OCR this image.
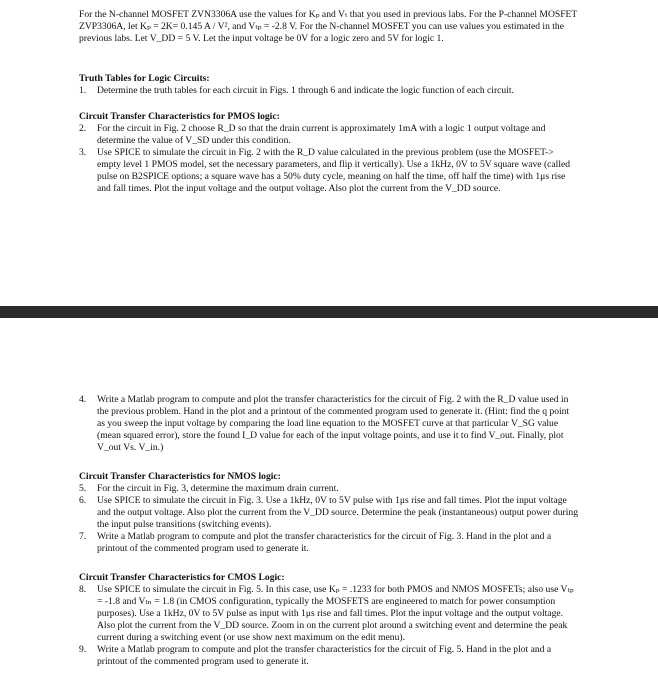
For the N-channel MOSFET ZVN3306A use the values for Kₚ and Vₜ that you used in previous labs. For the P-channel MOSFET ZVP3306A, let Kₚ = 2K= 0.145 A / V², and Vₜₚ = -2.8 V. For the N-channel MOSFET you can use values you estimated in the previous labs. Let V_DD = 5 V. Let the input voltage be 0V for a logic zero and 5V for logic 1.

Truth Tables for Logic Circuits:

1.	Determine the truth tables for each circuit in Figs. 1 through 6 and indicate the logic function of each circuit.

Circuit Transfer Characteristics for PMOS logic:

2.	For the circuit in Fig. 2 choose R_D so that the drain current is approximately 1mA with a logic 1 output voltage and determine the value of V_SD under this condition.
3.	Use SPICE to simulate the circuit in Fig. 2 with the R_D value calculated in the previous problem (use the MOSFET-> empty level 1 PMOS model, set the necessary parameters, and flip it vertically). Use a 1kHz, 0V to 5V square wave (called pulse on B2SPICE options; a square wave has a 50% duty cycle, meaning on half the time, off half the time) with 1μs rise and fall times. Plot the input voltage and the output voltage. Also plot the current from the V_DD source.
4.	Write a Matlab program to compute and plot the transfer characteristics for the circuit of Fig. 2 with the R_D value used in the previous problem. Hand in the plot and a printout of the commented program used to generate it. (Hint: find the q point as you sweep the input voltage by comparing the load line equation to the MOSFET curve at that particular V_SG value (mean squared error), store the found I_D value for each of the input voltage points, and use it to find V_out. Finally, plot V_out Vs. V_in.)

Circuit Transfer Characteristics for NMOS logic:

5.	For the circuit in Fig. 3, determine the maximum drain current.
6.	Use SPICE to simulate the circuit in Fig. 3. Use a 1kHz, 0V to 5V pulse with 1μs rise and fall times. Plot the input voltage and the output voltage. Also plot the current from the V_DD source. Determine the peak (instantaneous) output power during the input pulse transitions (switching events).
7.	Write a Matlab program to compute and plot the transfer characteristics for the circuit of Fig. 3. Hand in the plot and a printout of the commented program used to generate it.

Circuit Transfer Characteristics for CMOS Logic:

8.	Use SPICE to simulate the circuit in Fig. 5. In this case, use Kₚ = .1233 for both PMOS and NMOS MOSFETs; also use Vₜₚ = -1.8 and Vₜₙ = 1.8 (in CMOS configuration, typically the MOSFETS are engineered to match for power consumption purposes). Use a 1kHz, 0V to 5V pulse as input with 1μs rise and fall times. Plot the input voltage and the output voltage. Also plot the current from the V_DD source. Zoom in on the current plot around a switching event and determine the peak current during a switching event (or use show next maximum on the edit menu).
9.	Write a Matlab program to compute and plot the transfer characteristics for the circuit of Fig. 5. Hand in the plot and a printout of the commented program used to generate it.
